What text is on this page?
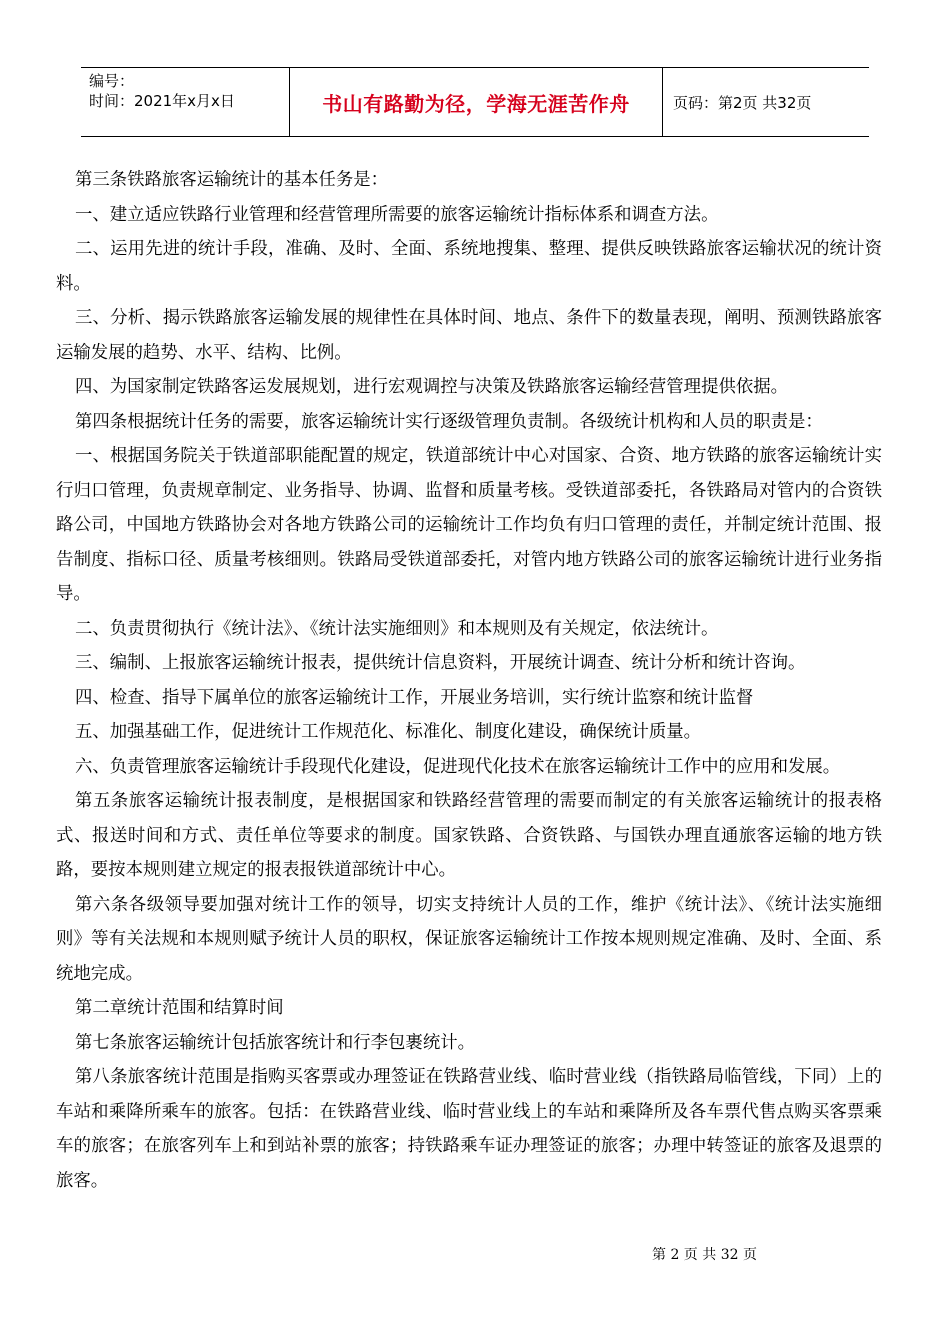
编号：
时间：2021年x月x日	书山有路勤为径，学海无涯苦作舟	页码：第2页 共32页

第三条铁路旅客运输统计的基本任务是：

一、建立适应铁路行业管理和经营管理所需要的旅客运输统计指标体系和调查方法。

二、运用先进的统计手段，准确、及时、全面、系统地搜集、整理、提供反映铁路旅客运输状况的统计资料。

三、分析、揭示铁路旅客运输发展的规律性在具体时间、地点、条件下的数量表现，阐明、预测铁路旅客运输发展的趋势、水平、结构、比例。

四、为国家制定铁路客运发展规划，进行宏观调控与决策及铁路旅客运输经营管理提供依据。

第四条根据统计任务的需要，旅客运输统计实行逐级管理负责制。各级统计机构和人员的职责是：

一、根据国务院关于铁道部职能配置的规定，铁道部统计中心对国家、合资、地方铁路的旅客运输统计实行归口管理，负责规章制定、业务指导、协调、监督和质量考核。受铁道部委托，各铁路局对管内的合资铁路公司，中国地方铁路协会对各地方铁路公司的运输统计工作均负有归口管理的责任，并制定统计范围、报告制度、指标口径、质量考核细则。铁路局受铁道部委托，对管内地方铁路公司的旅客运输统计进行业务指导。

二、负责贯彻执行《统计法》、《统计法实施细则》和本规则及有关规定，依法统计。

三、编制、上报旅客运输统计报表，提供统计信息资料，开展统计调查、统计分析和统计咨询。

四、检查、指导下属单位的旅客运输统计工作，开展业务培训，实行统计监察和统计监督

五、加强基础工作，促进统计工作规范化、标准化、制度化建设，确保统计质量。

六、负责管理旅客运输统计手段现代化建设，促进现代化技术在旅客运输统计工作中的应用和发展。

第五条旅客运输统计报表制度，是根据国家和铁路经营管理的需要而制定的有关旅客运输统计的报表格式、报送时间和方式、责任单位等要求的制度。国家铁路、合资铁路、与国铁办理直通旅客运输的地方铁路，要按本规则建立规定的报表报铁道部统计中心。

第六条各级领导要加强对统计工作的领导，切实支持统计人员的工作，维护《统计法》、《统计法实施细则》等有关法规和本规则赋予统计人员的职权，保证旅客运输统计工作按本规则规定准确、及时、全面、系统地完成。

第二章统计范围和结算时间

第七条旅客运输统计包括旅客统计和行李包裹统计。

第八条旅客统计范围是指购买客票或办理签证在铁路营业线、临时营业线（指铁路局临管线，下同）上的车站和乘降所乘车的旅客。包括：在铁路营业线、临时营业线上的车站和乘降所及各车票代售点购买客票乘车的旅客；在旅客列车上和到站补票的旅客；持铁路乘车证办理签证的旅客；办理中转签证的旅客及退票的旅客。

第 2 页 共 32 页
